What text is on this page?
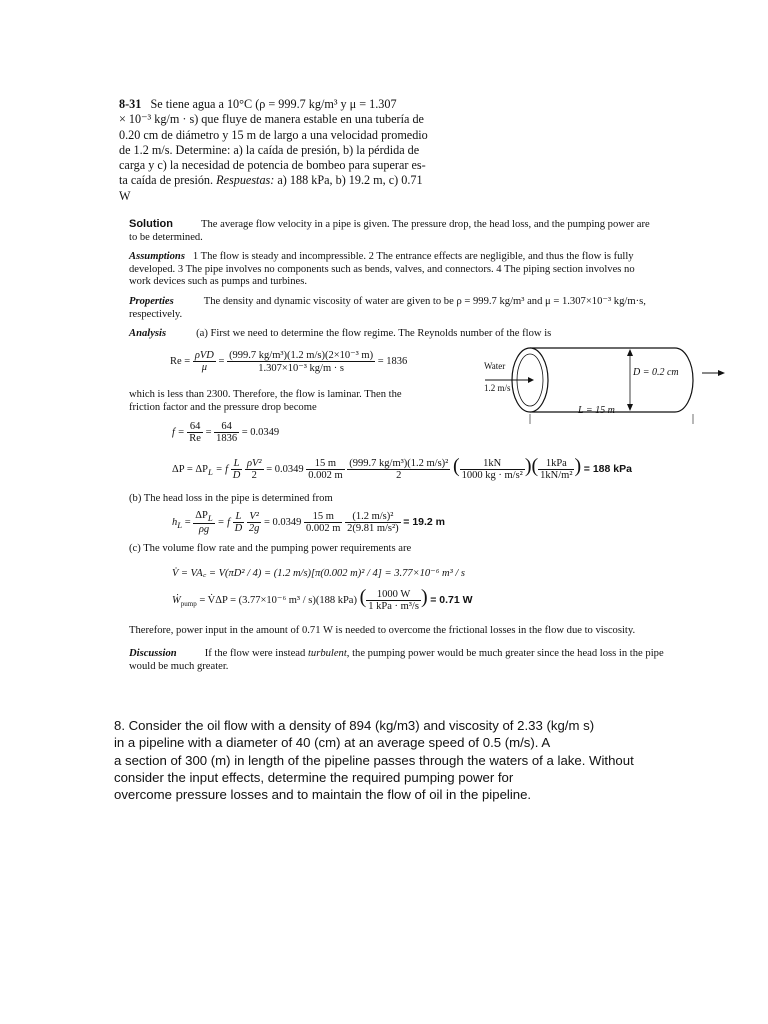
8-31 Se tiene agua a 10°C (ρ = 999.7 kg/m³ y μ = 1.307
× 10⁻³ kg/m · s) que fluye de manera estable en una tubería de
0.20 cm de diámetro y 15 m de largo a una velocidad promedio
de 1.2 m/s. Determine: a) la caída de presión, b) la pérdida de
carga y c) la necesidad de potencia de bombeo para superar es-
ta caída de presión. Respuestas: a) 188 kPa, b) 19.2 m, c) 0.71
W
Solution	The average flow velocity in a pipe is given. The pressure drop, the head loss, and the pumping power are
to be determined.
Assumptions 1 The flow is steady and incompressible. 2 The entrance effects are negligible, and thus the flow is fully
developed. 3 The pipe involves no components such as bends, valves, and connectors. 4 The piping section involves no
work devices such as pumps and turbines.
Properties	The density and dynamic viscosity of water are given to be ρ = 999.7 kg/m³ and μ = 1.307×10⁻³ kg/m·s,
respectively.
Analysis	(a) First we need to determine the flow regime. The Reynolds number of the flow is
$Re = \frac{\text{ρVD}}{\mu} = \frac{\text{(999.7 kg/m³)(1.2 m/s)(2×10⁻³ m)}}{\text{1.307×10⁻³ kg/m · s}} = 1836$
which is less than 2300. Therefore, the flow is laminar. Then the
friction factor and the pressure drop become
Water
1.2 m/s
D = 0.2 cm
L = 15 m
$f = \frac{64}{Re} = \frac{64}{1836} = 0.0349$
$\Delta P = \Delta P_L = f \frac{L}{D}$
$\frac{\text{ρV²}}{2} = 0.0349 \frac{15 m}{0.002 m}$
$\frac{\text{(999.7 kg/m³)(1.2 m/s)²}}{2}$ ( $\frac{1kN}{\text{1000 kg · m/s²}}$ )( $\frac{\text{1kPa}}{\text{1kN/m²}}$ ) = 188 kPa
(b) The head loss in the pipe is determined from
$h_L = \frac{\Delta P_L}{\rho g} = f \frac{L}{D}$
$\frac{\text{V²}}{2g} = 0.0349 \frac{15 m}{0.002 m}$
$\frac{\text{(1.2 m/s)²}}{\text{2(9.81 m/s²)}} = 19.2$ m
(c) The volume flow rate and the pumping power requirements are
V̇ = VA꜀ = V(πD² / 4) = (1.2 m/s)[π(0.002 m)² / 4] = 3.77×10⁻⁶ m³ / s
Ẇ$_{pump}$ = V̇ΔP = (3.77×10⁻⁶ m³ / s)(188 kPa) ( $\frac{1000 W}{\text{1 kPa · m³/s}}$ ) = 0.71 W
Therefore, power input in the amount of 0.71 W is needed to overcome the frictional losses in the flow due to viscosity.
Discussion	If the flow were instead turbulent, the pumping power would be much greater since the head loss in the pipe
would be much greater.
8. Consider the oil flow with a density of 894 (kg/m3) and viscosity of 2.33 (kg/m s)
in a pipeline with a diameter of 40 (cm) at an average speed of 0.5 (m/s). A
a section of 300 (m) in length of the pipeline passes through the waters of a lake. Without
consider the input effects, determine the required pumping power for
overcome pressure losses and to maintain the flow of oil in the pipeline.
